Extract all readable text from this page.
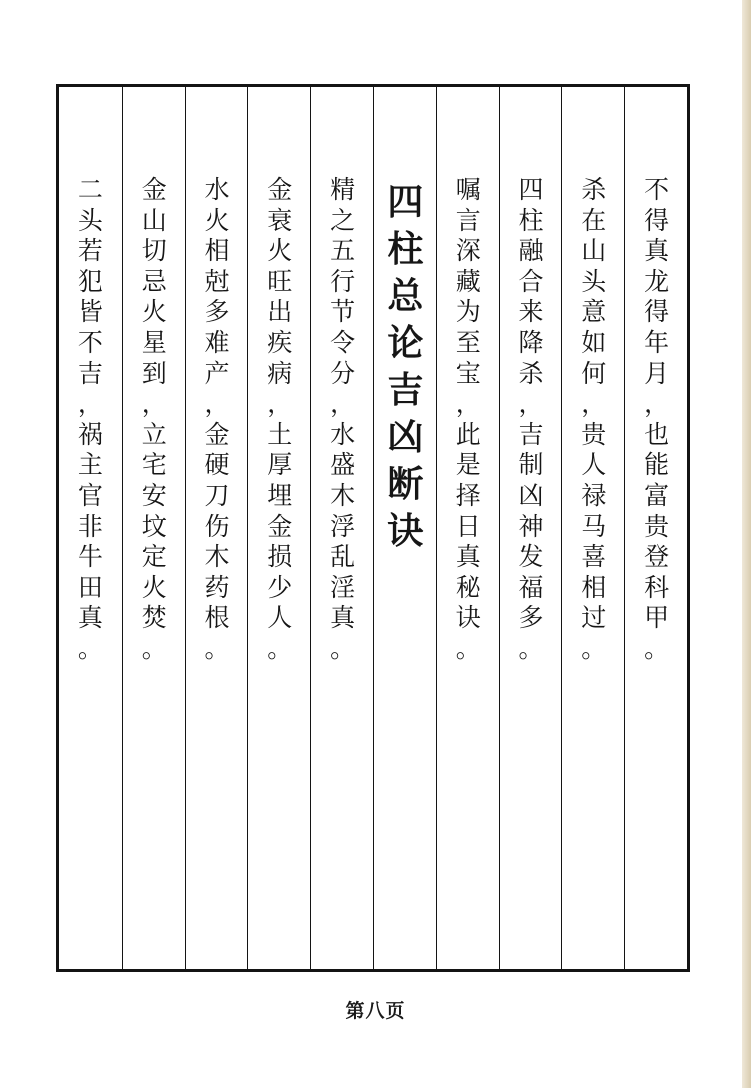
不
得
真
龙
得
年
月
，
也
能
富
贵
登
科
甲
。
杀
在
山
头
意
如
何
，
贵
人
禄
马
喜
相
过
。
四
柱
融
合
来
降
杀
，
吉
制
凶
神
发
福
多
。
嘱
言
深
藏
为
至
宝
，
此
是
择
日
真
秘
诀
。
四
柱
总
论
吉
凶
断
诀
精
之
五
行
节
令
分
，
水
盛
木
浮
乱
淫
真
。
金
衰
火
旺
出
疾
病
，
土
厚
埋
金
损
少
人
。
水
火
相
尅
多
难
产
，
金
硬
刀
伤
木
药
根
。
金
山
切
忌
火
星
到
，
立
宅
安
坟
定
火
焚
。
二
头
若
犯
皆
不
吉
，
祸
主
官
非
牛
田
真
。
第八页
